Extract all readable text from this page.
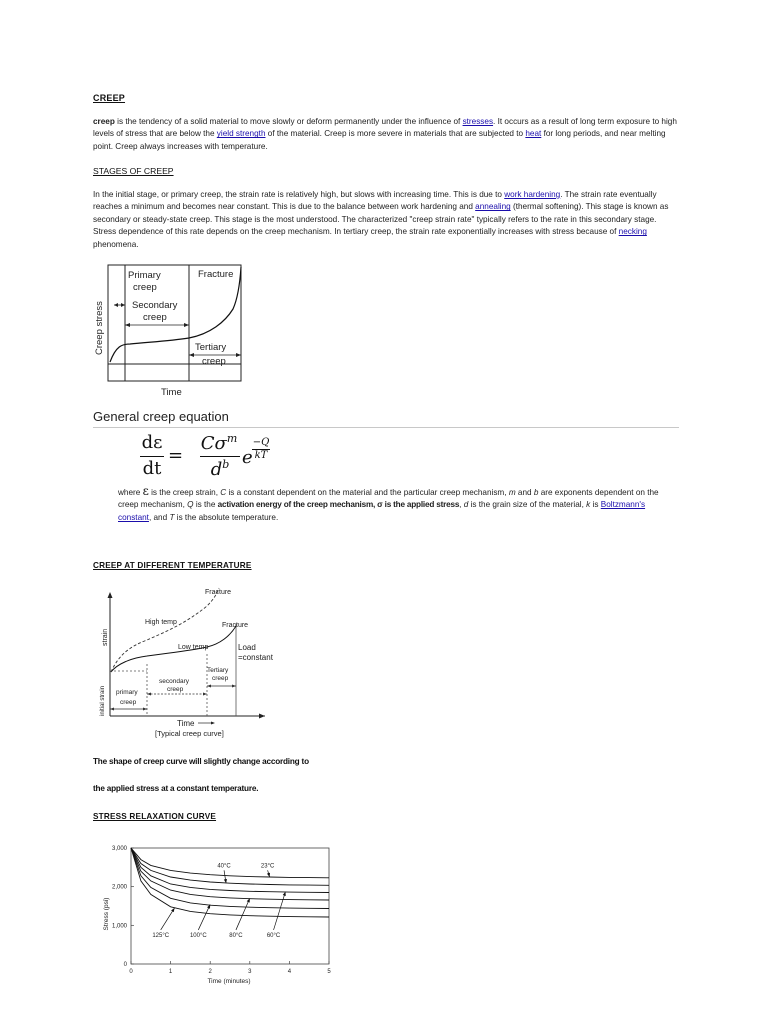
CREEP
creep is the tendency of a solid material to move slowly or deform permanently under the influence of stresses. It occurs as a result of long term exposure to high levels of stress that are below the yield strength of the material. Creep is more severe in materials that are subjected to heat for long periods, and near melting point. Creep always increases with temperature.
STAGES OF CREEP
In the initial stage, or primary creep, the strain rate is relatively high, but slows with increasing time. This is due to work hardening. The strain rate eventually reaches a minimum and becomes near constant. This is due to the balance between work hardening and annealing (thermal softening). This stage is known as secondary or steady-state creep. This stage is the most understood. The characterized "creep strain rate" typically refers to the rate in this secondary stage. Stress dependence of this rate depends on the creep mechanism. In tertiary creep, the strain rate exponentially increases with stress because of necking phenomena.
Primary
creep
Secondary
creep
Fracture
Tertiary
creep
Creep stress
Time
General creep equation
dε
dt
=
$C\sigma^m$
$d^b$ e
−Q
kT
where ε is the creep strain, C is a constant dependent on the material and the particular creep mechanism, m and b are exponents dependent on the creep mechanism, Q is the activation energy of the creep mechanism, σ is the applied stress, d is the grain size of the material, k is Boltzmann's constant, and T is the absolute temperature.
CREEP AT DIFFERENT TEMPERATURE
Fracture
High temp	Fracture
Low temp	Load
=constant
strain
Tertiary
creep
secondary
creep
initial strain primary
creep
Time
[Typical creep curve]
The shape of creep curve will slightly change according to
the applied stress at a constant temperature.
STRESS RELAXATION CURVE
0
1,000
2,000
3,000
0	1	2	3	4	5
40°C	23°C
125°C	100°C	80°C	60°C
Stress (psi)
Time (minutes)
